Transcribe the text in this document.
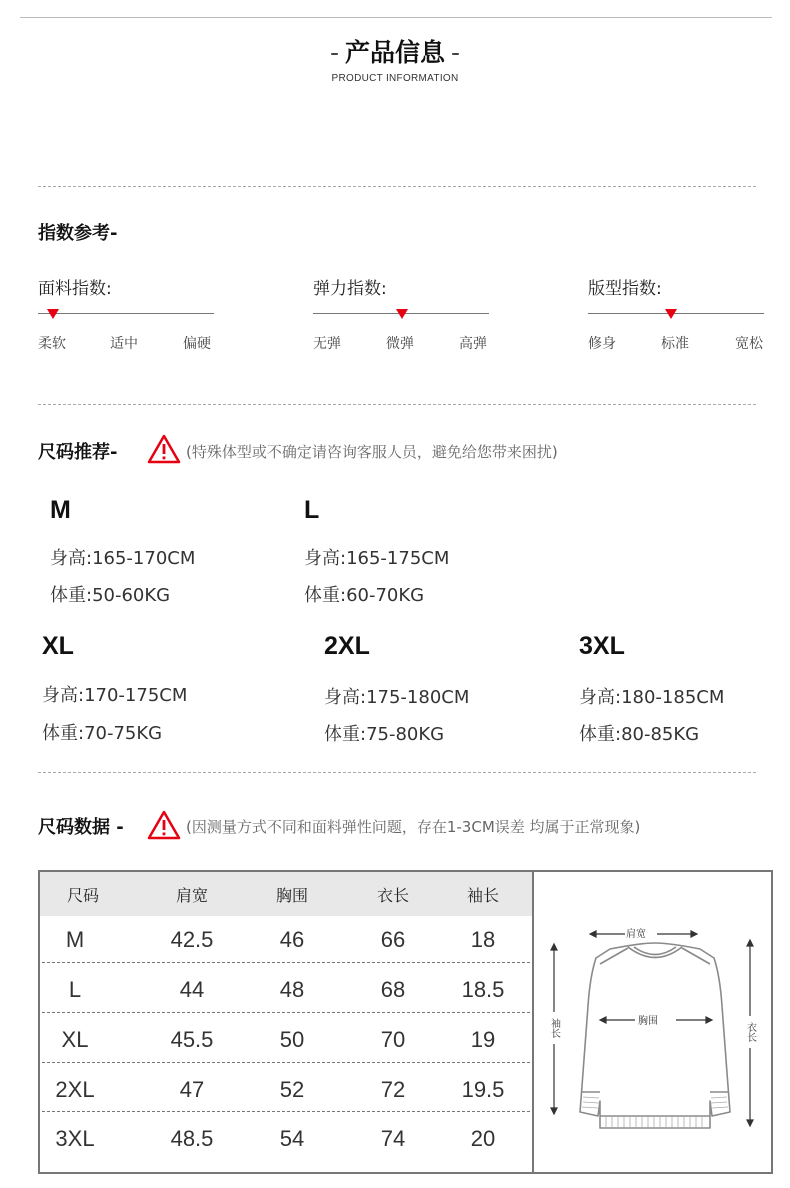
- 产品信息 -
PRODUCT INFORMATION
指数参考-
面料指数:
柔软	适中	偏硬
弹力指数:
无弹	微弹	高弹
版型指数:
修身	标准	宽松
尺码推荐-	(特殊体型或不确定请咨询客服人员，避免给您带来困扰)
M
身高:165-170CM
体重:50-60KG
L
身高:165-175CM
体重:60-70KG
XL
身高:170-175CM
体重:70-75KG
2XL
身高:175-180CM
体重:75-80KG
3XL
身高:180-185CM
体重:80-85KG
尺码数据 -	(因测量方式不同和面料弹性问题，存在1-3CM误差 均属于正常现象)
尺码	肩宽	胸围	衣长	袖长
M	42.5	46	66	18
L	44	48	68	18.5
XL	45.5	50	70	19
2XL	47	52	72	19.5
3XL	48.5	54	74	20
肩宽
胸围
袖长	衣长
